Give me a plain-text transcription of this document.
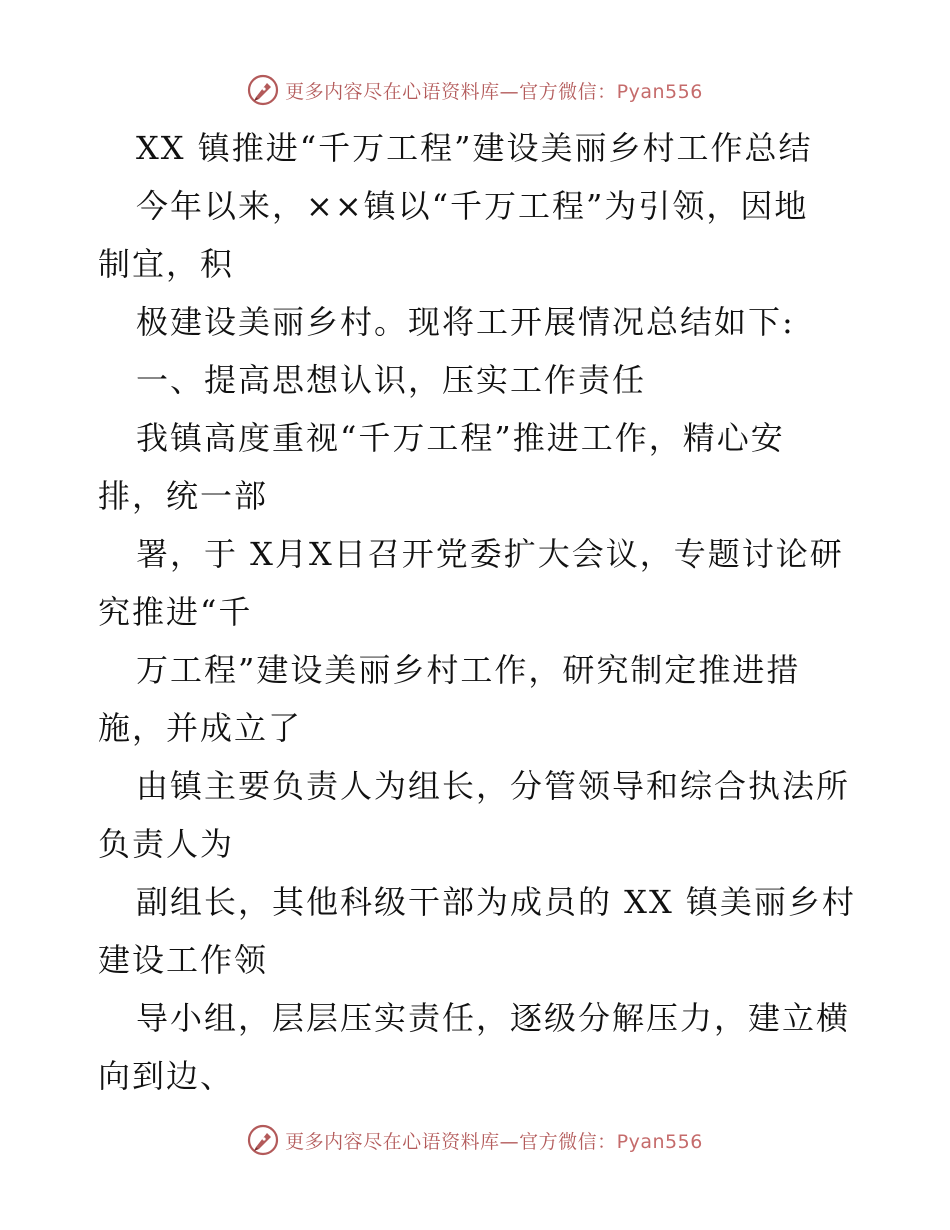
更多内容尽在心语资料库—官方微信：Pyan556
XX 镇推进“千万工程”建设美丽乡村工作总结
今年以来，××镇以“千万工程”为引领，因地
制宜，积
极建设美丽乡村。现将工开展情况总结如下:
一、提高思想认识，压实工作责任
我镇高度重视“千万工程”推进工作，精心安
排，统一部
署，于 X月X日召开党委扩大会议，专题讨论研
究推进“千
万工程”建设美丽乡村工作，研究制定推进措
施，并成立了
由镇主要负责人为组长，分管领导和综合执法所
负责人为
副组长，其他科级干部为成员的 XX 镇美丽乡村
建设工作领
导小组，层层压实责任，逐级分解压力，建立横
向到边、
更多内容尽在心语资料库—官方微信：Pyan556
